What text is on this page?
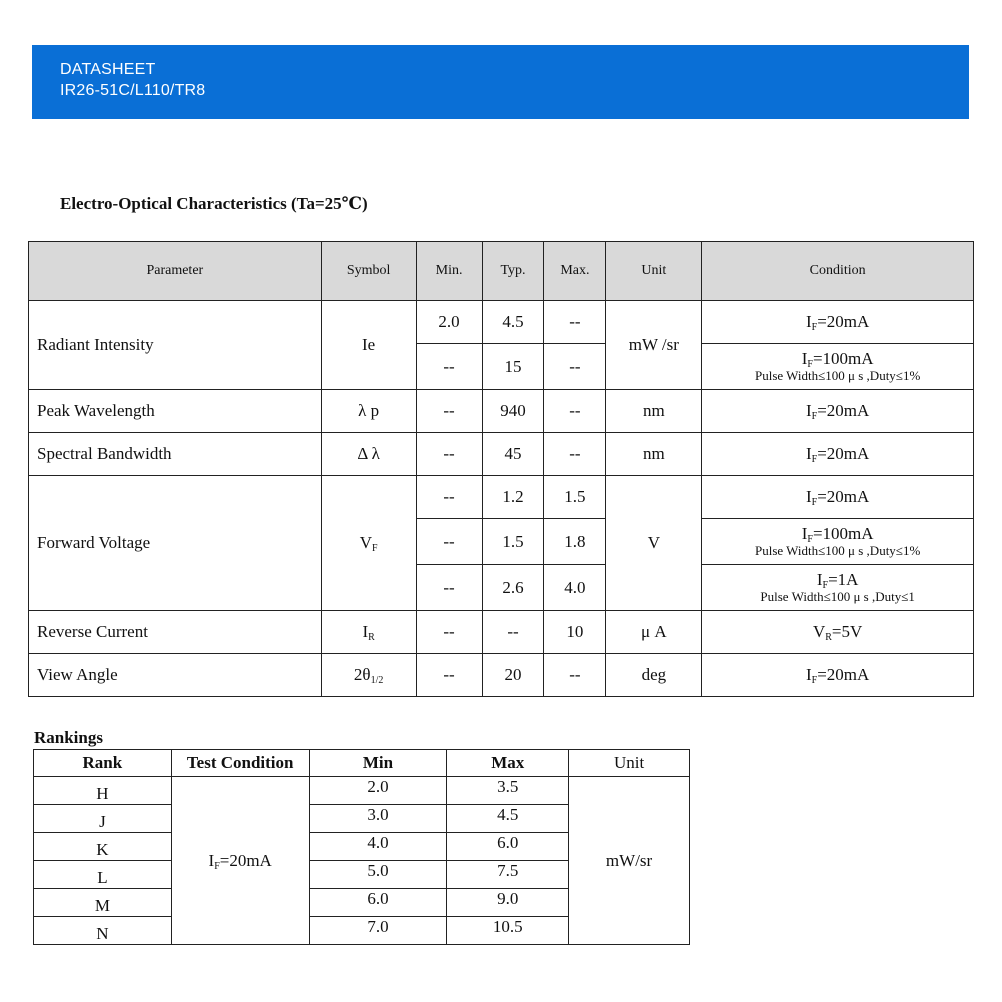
DATASHEET
IR26-51C/L110/TR8
Electro-Optical Characteristics (Ta=25℃)
Parameter	Symbol	Min.	Typ.	Max.	Unit	Condition
Radiant Intensity	Ie	2.0	4.5	--	mW /sr	$I_F=20mA$

		--	15	--		$I_F=100mA$
Pulse Width≤100 μ s ,Duty≤1%

Peak Wavelength	λ p	--	940	--	nm	$I_F=20mA$
Spectral Bandwidth	Δ λ	--	45	--	nm	$I_F=20mA$
Forward Voltage	$V_F$	--	1.2	1.5	V	$I_F=20mA$
		--	1.5	1.8		$I_F=100mA$
Pulse Width≤100 μ s ,Duty≤1%

		--	2.6	4.0		$I_F=1A$
Pulse Width≤100 μ s ,Duty≤1

Reverse Current	$I_R$	--	--	10	μ A	$V_R=5V$
View Angle	$2\theta_{1/2}$	--	20	--	deg	$I_F=20mA$
Rankings
Rank	Test Condition	Min	Max	Unit
H	$I_F=20mA$	2.0	3.5	mW/sr
J		3.0	4.5	
K		4.0	6.0	
L		5.0	7.5	
M		6.0	9.0	
N		7.0	10.5	
